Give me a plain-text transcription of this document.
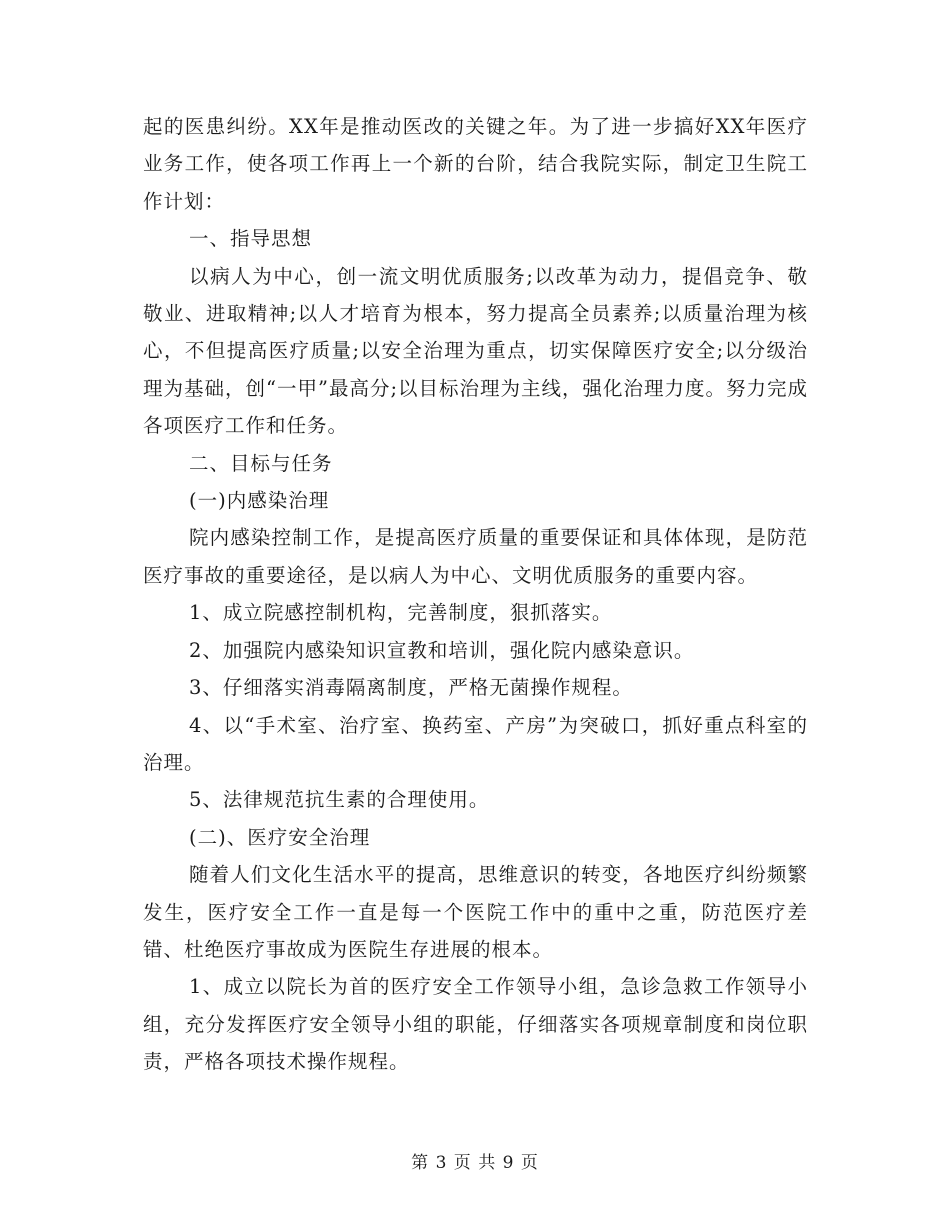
起的医患纠纷。XX年是推动医改的关键之年。为了进一步搞好XX年医疗业务工作，使各项工作再上一个新的台阶，结合我院实际，制定卫生院工作计划：

一、指导思想

以病人为中心，创一流文明优质服务;以改革为动力，提倡竞争、敬敬业、进取精神;以人才培育为根本，努力提高全员素养;以质量治理为核心，不但提高医疗质量;以安全治理为重点，切实保障医疗安全;以分级治理为基础，创“一甲”最高分;以目标治理为主线，强化治理力度。努力完成各项医疗工作和任务。

二、目标与任务

(一)内感染治理

院内感染控制工作，是提高医疗质量的重要保证和具体体现，是防范医疗事故的重要途径，是以病人为中心、文明优质服务的重要内容。

1、成立院感控制机构，完善制度，狠抓落实。

2、加强院内感染知识宣教和培训，强化院内感染意识。

3、仔细落实消毒隔离制度，严格无菌操作规程。

4、以“手术室、治疗室、换药室、产房”为突破口，抓好重点科室的治理。

5、法律规范抗生素的合理使用。

(二)、医疗安全治理

随着人们文化生活水平的提高，思维意识的转变，各地医疗纠纷频繁发生，医疗安全工作一直是每一个医院工作中的重中之重，防范医疗差错、杜绝医疗事故成为医院生存进展的根本。

1、成立以院长为首的医疗安全工作领导小组，急诊急救工作领导小组，充分发挥医疗安全领导小组的职能，仔细落实各项规章制度和岗位职责，严格各项技术操作规程。

第 3 页 共 9 页
